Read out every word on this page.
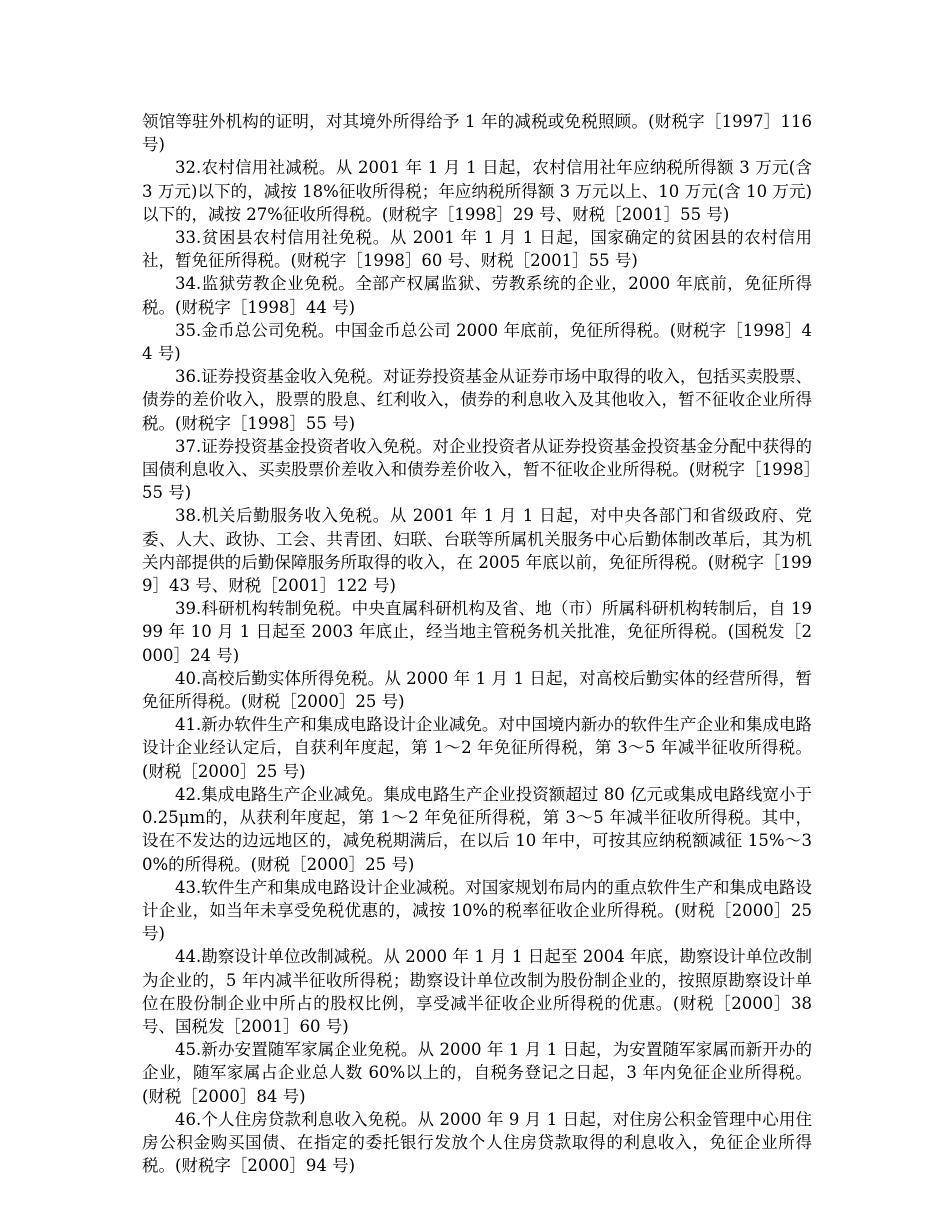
领馆等驻外机构的证明，对其境外所得给予 1 年的减税或免税照顾。(财税字［1997］116 号)

32.农村信用社减税。从 2001 年 1 月 1 日起，农村信用社年应纳税所得额 3 万元(含 3 万元)以下的，减按 18%征收所得税；年应纳税所得额 3 万元以上、10 万元(含 10 万元)以下的，减按 27%征收所得税。(财税字［1998］29 号、财税［2001］55 号)

33.贫困县农村信用社免税。从 2001 年 1 月 1 日起，国家确定的贫困县的农村信用社，暂免征所得税。(财税字［1998］60 号、财税［2001］55 号)

34.监狱劳教企业免税。全部产权属监狱、劳教系统的企业，2000 年底前，免征所得税。(财税字［1998］44 号)

35.金币总公司免税。中国金币总公司 2000 年底前，免征所得税。(财税字［1998］44 号)

36.证券投资基金收入免税。对证券投资基金从证券市场中取得的收入，包括买卖股票、债券的差价收入，股票的股息、红利收入，债券的利息收入及其他收入，暂不征收企业所得税。(财税字［1998］55 号)

37.证券投资基金投资者收入免税。对企业投资者从证券投资基金投资基金分配中获得的国债利息收入、买卖股票价差收入和债券差价收入，暂不征收企业所得税。(财税字［1998］55 号)

38.机关后勤服务收入免税。从 2001 年 1 月 1 日起，对中央各部门和省级政府、党委、人大、政协、工会、共青团、妇联、台联等所属机关服务中心后勤体制改革后，其为机关内部提供的后勤保障服务所取得的收入，在 2005 年底以前，免征所得税。(财税字［1999］43 号、财税［2001］122 号)

39.科研机构转制免税。中央直属科研机构及省、地（市）所属科研机构转制后，自 1999 年 10 月 1 日起至 2003 年底止，经当地主管税务机关批准，免征所得税。(国税发［2000］24 号)

40.高校后勤实体所得免税。从 2000 年 1 月 1 日起，对高校后勤实体的经营所得，暂免征所得税。(财税［2000］25 号)

41.新办软件生产和集成电路设计企业减免。对中国境内新办的软件生产企业和集成电路设计企业经认定后，自获利年度起，第 1～2 年免征所得税，第 3～5 年减半征收所得税。(财税［2000］25 号)

42.集成电路生产企业减免。集成电路生产企业投资额超过 80 亿元或集成电路线宽小于 0.25μm的，从获利年度起，第 1～2 年免征所得税，第 3～5 年减半征收所得税。其中，设在不发达的边远地区的，减免税期满后，在以后 10 年中，可按其应纳税额减征 15%～30%的所得税。(财税［2000］25 号)

43.软件生产和集成电路设计企业减税。对国家规划布局内的重点软件生产和集成电路设计企业，如当年未享受免税优惠的，减按 10%的税率征收企业所得税。(财税［2000］25 号)

44.勘察设计单位改制减税。从 2000 年 1 月 1 日起至 2004 年底，勘察设计单位改制为企业的，5 年内减半征收所得税；勘察设计单位改制为股份制企业的，按照原勘察设计单位在股份制企业中所占的股权比例，享受减半征收企业所得税的优惠。(财税［2000］38 号、国税发［2001］60 号)

45.新办安置随军家属企业免税。从 2000 年 1 月 1 日起，为安置随军家属而新开办的企业，随军家属占企业总人数 60%以上的，自税务登记之日起，3 年内免征企业所得税。(财税［2000］84 号)

46.个人住房贷款利息收入免税。从 2000 年 9 月 1 日起，对住房公积金管理中心用住房公积金购买国债、在指定的委托银行发放个人住房贷款取得的利息收入，免征企业所得税。(财税字［2000］94 号)
